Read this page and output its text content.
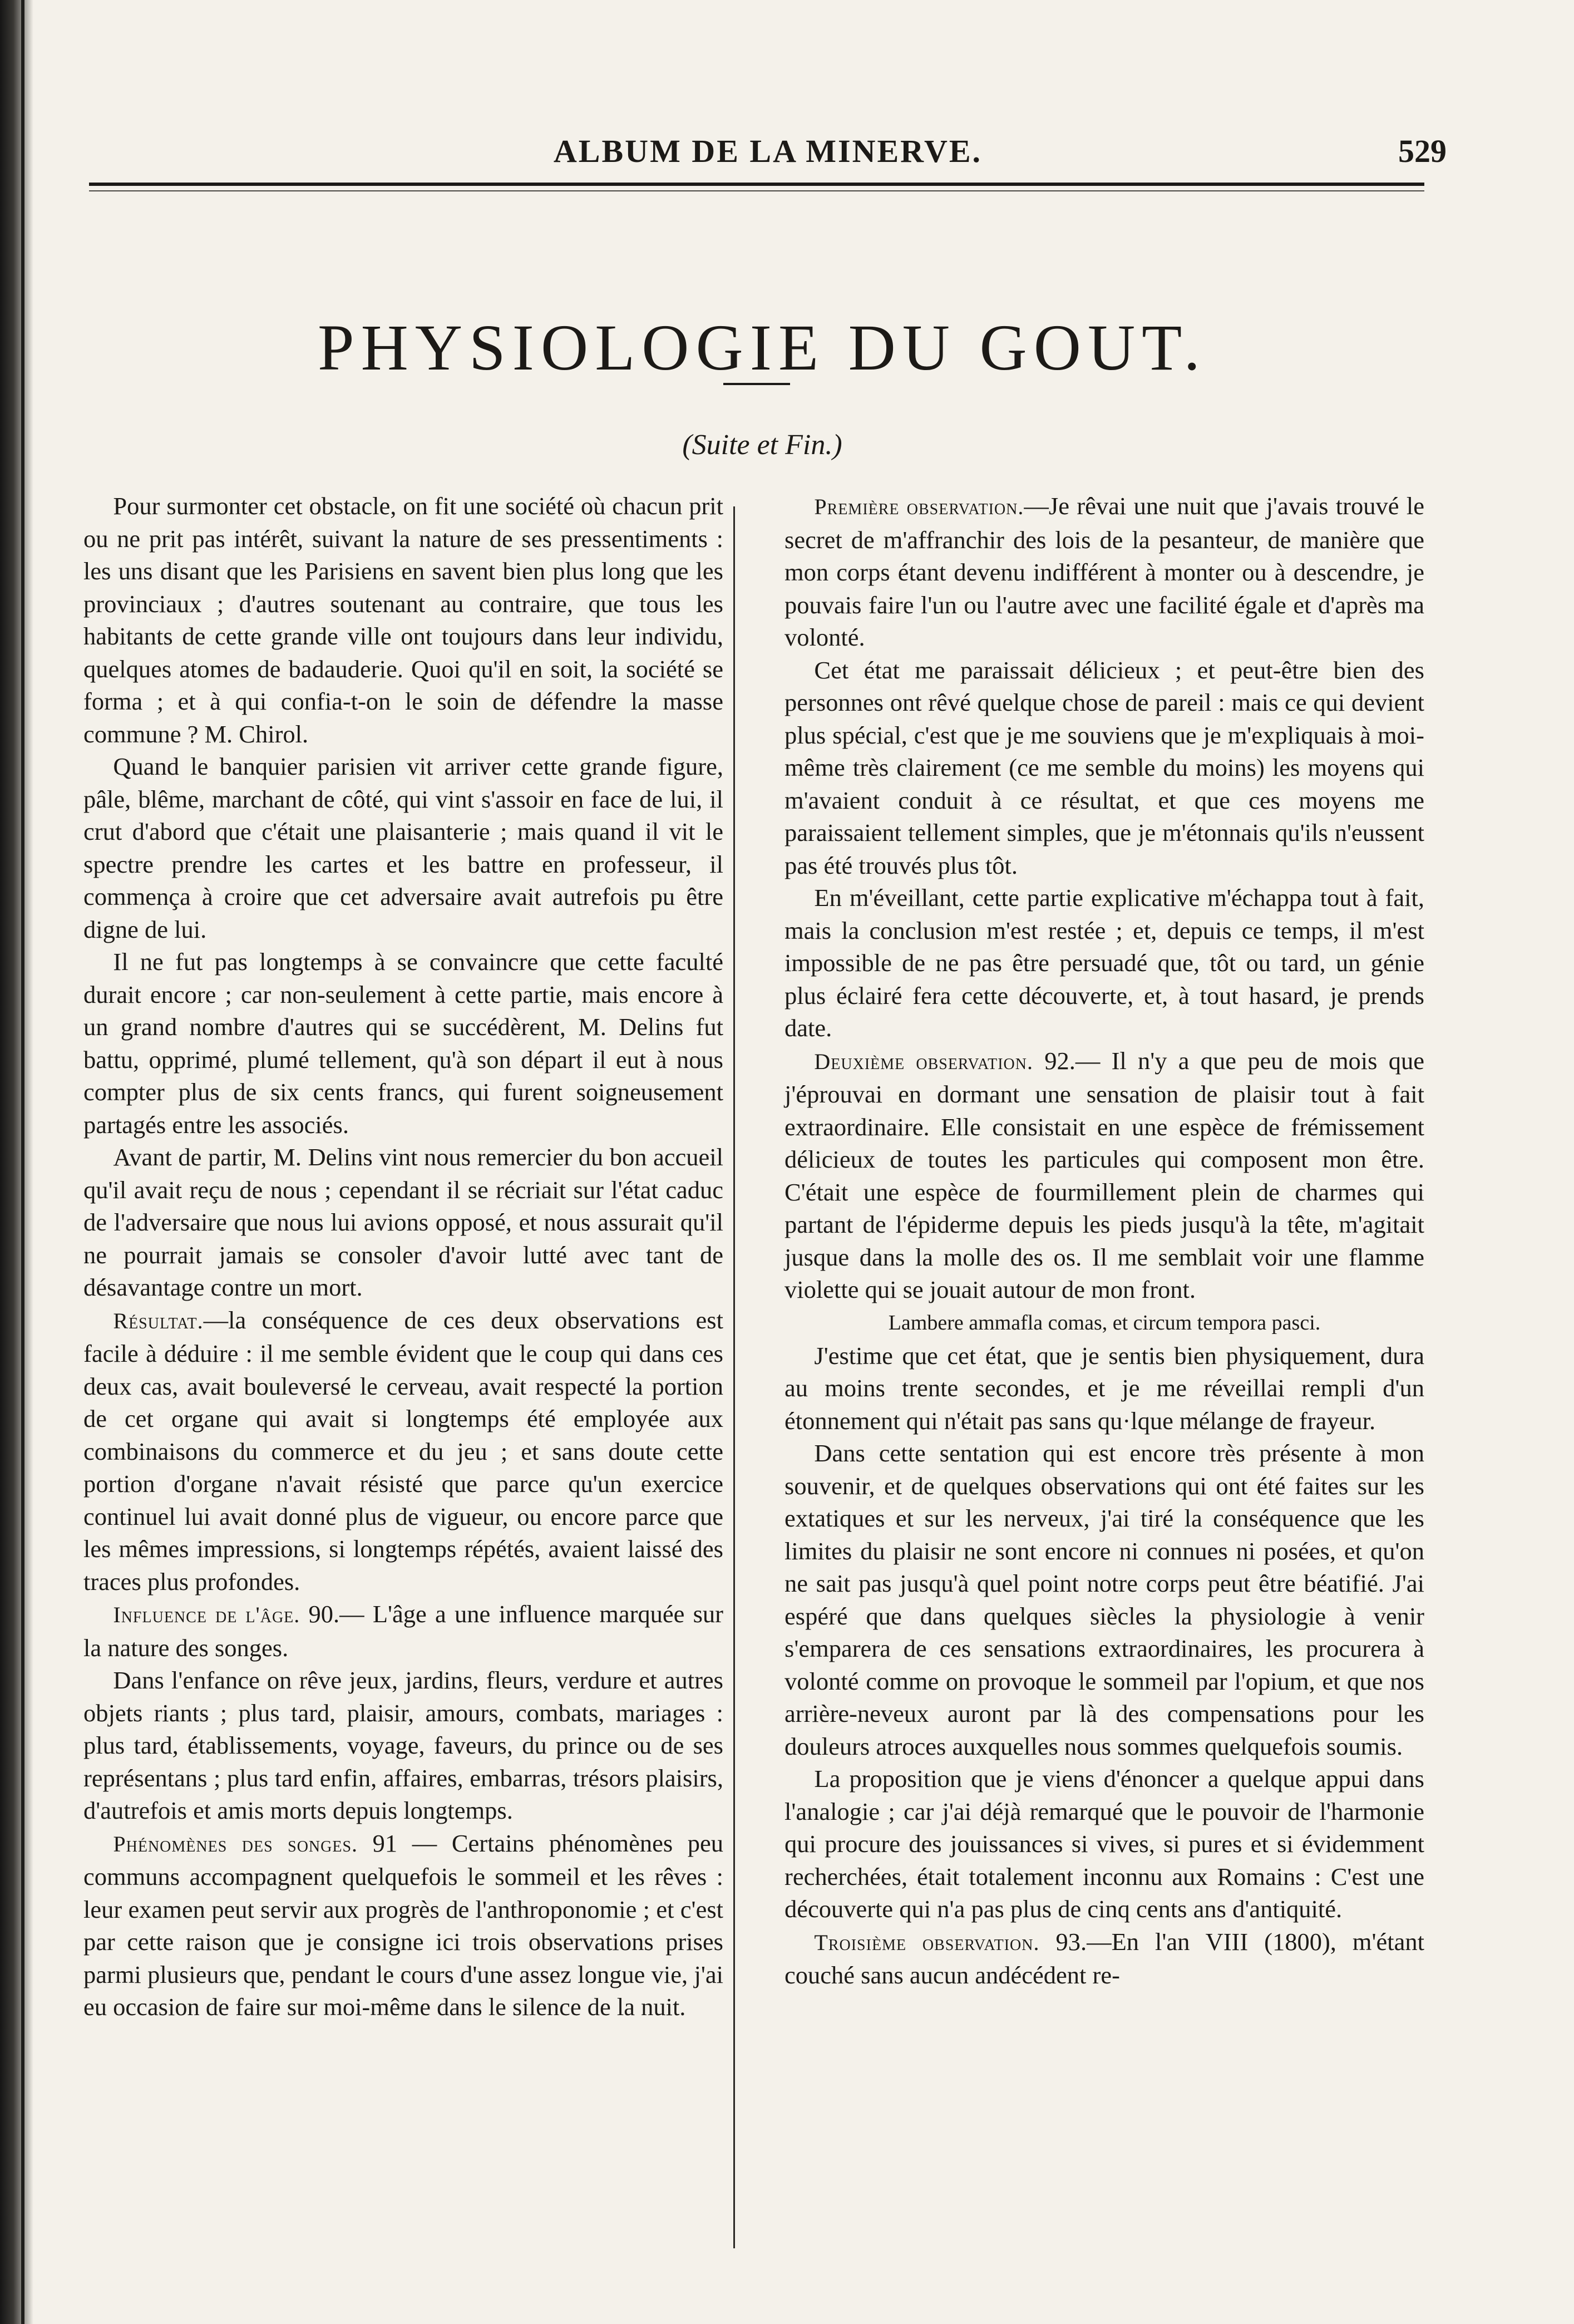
ALBUM DE LA MINERVE.	529
PHYSIOLOGIE DU GOUT.
(Suite et Fin.)

Pour surmonter cet obstacle, on fit une société où chacun prit ou ne prit pas intérêt, suivant la nature de ses pressentiments : les uns disant que les Parisiens en savent bien plus long que les provinciaux ; d'autres soutenant au contraire, que tous les habitants de cette grande ville ont toujours dans leur individu, quelques atomes de badauderie. Quoi qu'il en soit, la société se forma ; et à qui confia-t-on le soin de défendre la masse commune ? M. Chirol.

Quand le banquier parisien vit arriver cette grande figure, pâle, blême, marchant de côté, qui vint s'assoir en face de lui, il crut d'abord que c'était une plaisanterie ; mais quand il vit le spectre prendre les cartes et les battre en professeur, il commença à croire que cet adversaire avait autrefois pu être digne de lui.

Il ne fut pas longtemps à se convaincre que cette faculté durait encore ; car non-seulement à cette partie, mais encore à un grand nombre d'autres qui se succédèrent, M. Delins fut battu, opprimé, plumé tellement, qu'à son départ il eut à nous compter plus de six cents francs, qui furent soigneusement partagés entre les associés.

Avant de partir, M. Delins vint nous remercier du bon accueil qu'il avait reçu de nous ; cependant il se récriait sur l'état caduc de l'adversaire que nous lui avions opposé, et nous assurait qu'il ne pourrait jamais se consoler d'avoir lutté avec tant de désavantage contre un mort.

Résultat.—la conséquence de ces deux observations est facile à déduire : il me semble évident que le coup qui dans ces deux cas, avait bouleversé le cerveau, avait respecté la portion de cet organe qui avait si longtemps été employée aux combinaisons du commerce et du jeu ; et sans doute cette portion d'organe n'avait résisté que parce qu'un exercice continuel lui avait donné plus de vigueur, ou encore parce que les mêmes impressions, si longtemps répétés, avaient laissé des traces plus profondes.

Influence de l'âge. 90.— L'âge a une influence marquée sur la nature des songes.

Dans l'enfance on rêve jeux, jardins, fleurs, verdure et autres objets riants ; plus tard, plaisir, amours, combats, mariages : plus tard, établissements, voyage, faveurs, du prince ou de ses représentans ; plus tard enfin, affaires, embarras, trésors plaisirs, d'autrefois et amis morts depuis longtemps.

Phénomènes des songes. 91 — Certains phénomènes peu communs accompagnent quelquefois le sommeil et les rêves : leur examen peut servir aux progrès de l'anthroponomie ; et c'est par cette raison que je consigne ici trois observations prises parmi plusieurs que, pendant le cours d'une assez longue vie, j'ai eu occasion de faire sur moi-même dans le silence de la nuit.

Première observation.—Je rêvai une nuit que j'avais trouvé le secret de m'affranchir des lois de la pesanteur, de manière que mon corps étant devenu indifférent à monter ou à descendre, je pouvais faire l'un ou l'autre avec une facilité égale et d'après ma volonté.

Cet état me paraissait délicieux ; et peut-être bien des personnes ont rêvé quelque chose de pareil : mais ce qui devient plus spécial, c'est que je me souviens que je m'expliquais à moi-même très clairement (ce me semble du moins) les moyens qui m'avaient conduit à ce résultat, et que ces moyens me paraissaient tellement simples, que je m'étonnais qu'ils n'eussent pas été trouvés plus tôt.

En m'éveillant, cette partie explicative m'échappa tout à fait, mais la conclusion m'est restée ; et, depuis ce temps, il m'est impossible de ne pas être persuadé que, tôt ou tard, un génie plus éclairé fera cette découverte, et, à tout hasard, je prends date.

Deuxième observation. 92.— Il n'y a que peu de mois que j'éprouvai en dormant une sensation de plaisir tout à fait extraordinaire. Elle consistait en une espèce de frémissement délicieux de toutes les particules qui composent mon être. C'était une espèce de fourmillement plein de charmes qui partant de l'épiderme depuis les pieds jusqu'à la tête, m'agitait jusque dans la molle des os. Il me semblait voir une flamme violette qui se jouait autour de mon front.

Lambere ammafla comas, et circum tempora pasci.

J'estime que cet état, que je sentis bien physiquement, dura au moins trente secondes, et je me réveillai rempli d'un étonnement qui n'était pas sans qu·lque mélange de frayeur.

Dans cette sentation qui est encore très présente à mon souvenir, et de quelques observations qui ont été faites sur les extatiques et sur les nerveux, j'ai tiré la conséquence que les limites du plaisir ne sont encore ni connues ni posées, et qu'on ne sait pas jusqu'à quel point notre corps peut être béatifié. J'ai espéré que dans quelques siècles la physiologie à venir s'emparera de ces sensations extraordinaires, les procurera à volonté comme on provoque le sommeil par l'opium, et que nos arrière-neveux auront par là des compensations pour les douleurs atroces auxquelles nous sommes quelquefois soumis.

La proposition que je viens d'énoncer a quelque appui dans l'analogie ; car j'ai déjà remarqué que le pouvoir de l'harmonie qui procure des jouissances si vives, si pures et si évidemment recherchées, était totalement inconnu aux Romains : C'est une découverte qui n'a pas plus de cinq cents ans d'antiquité.

Troisième observation. 93.—En l'an VIII (1800), m'étant couché sans aucun andécédent re-
